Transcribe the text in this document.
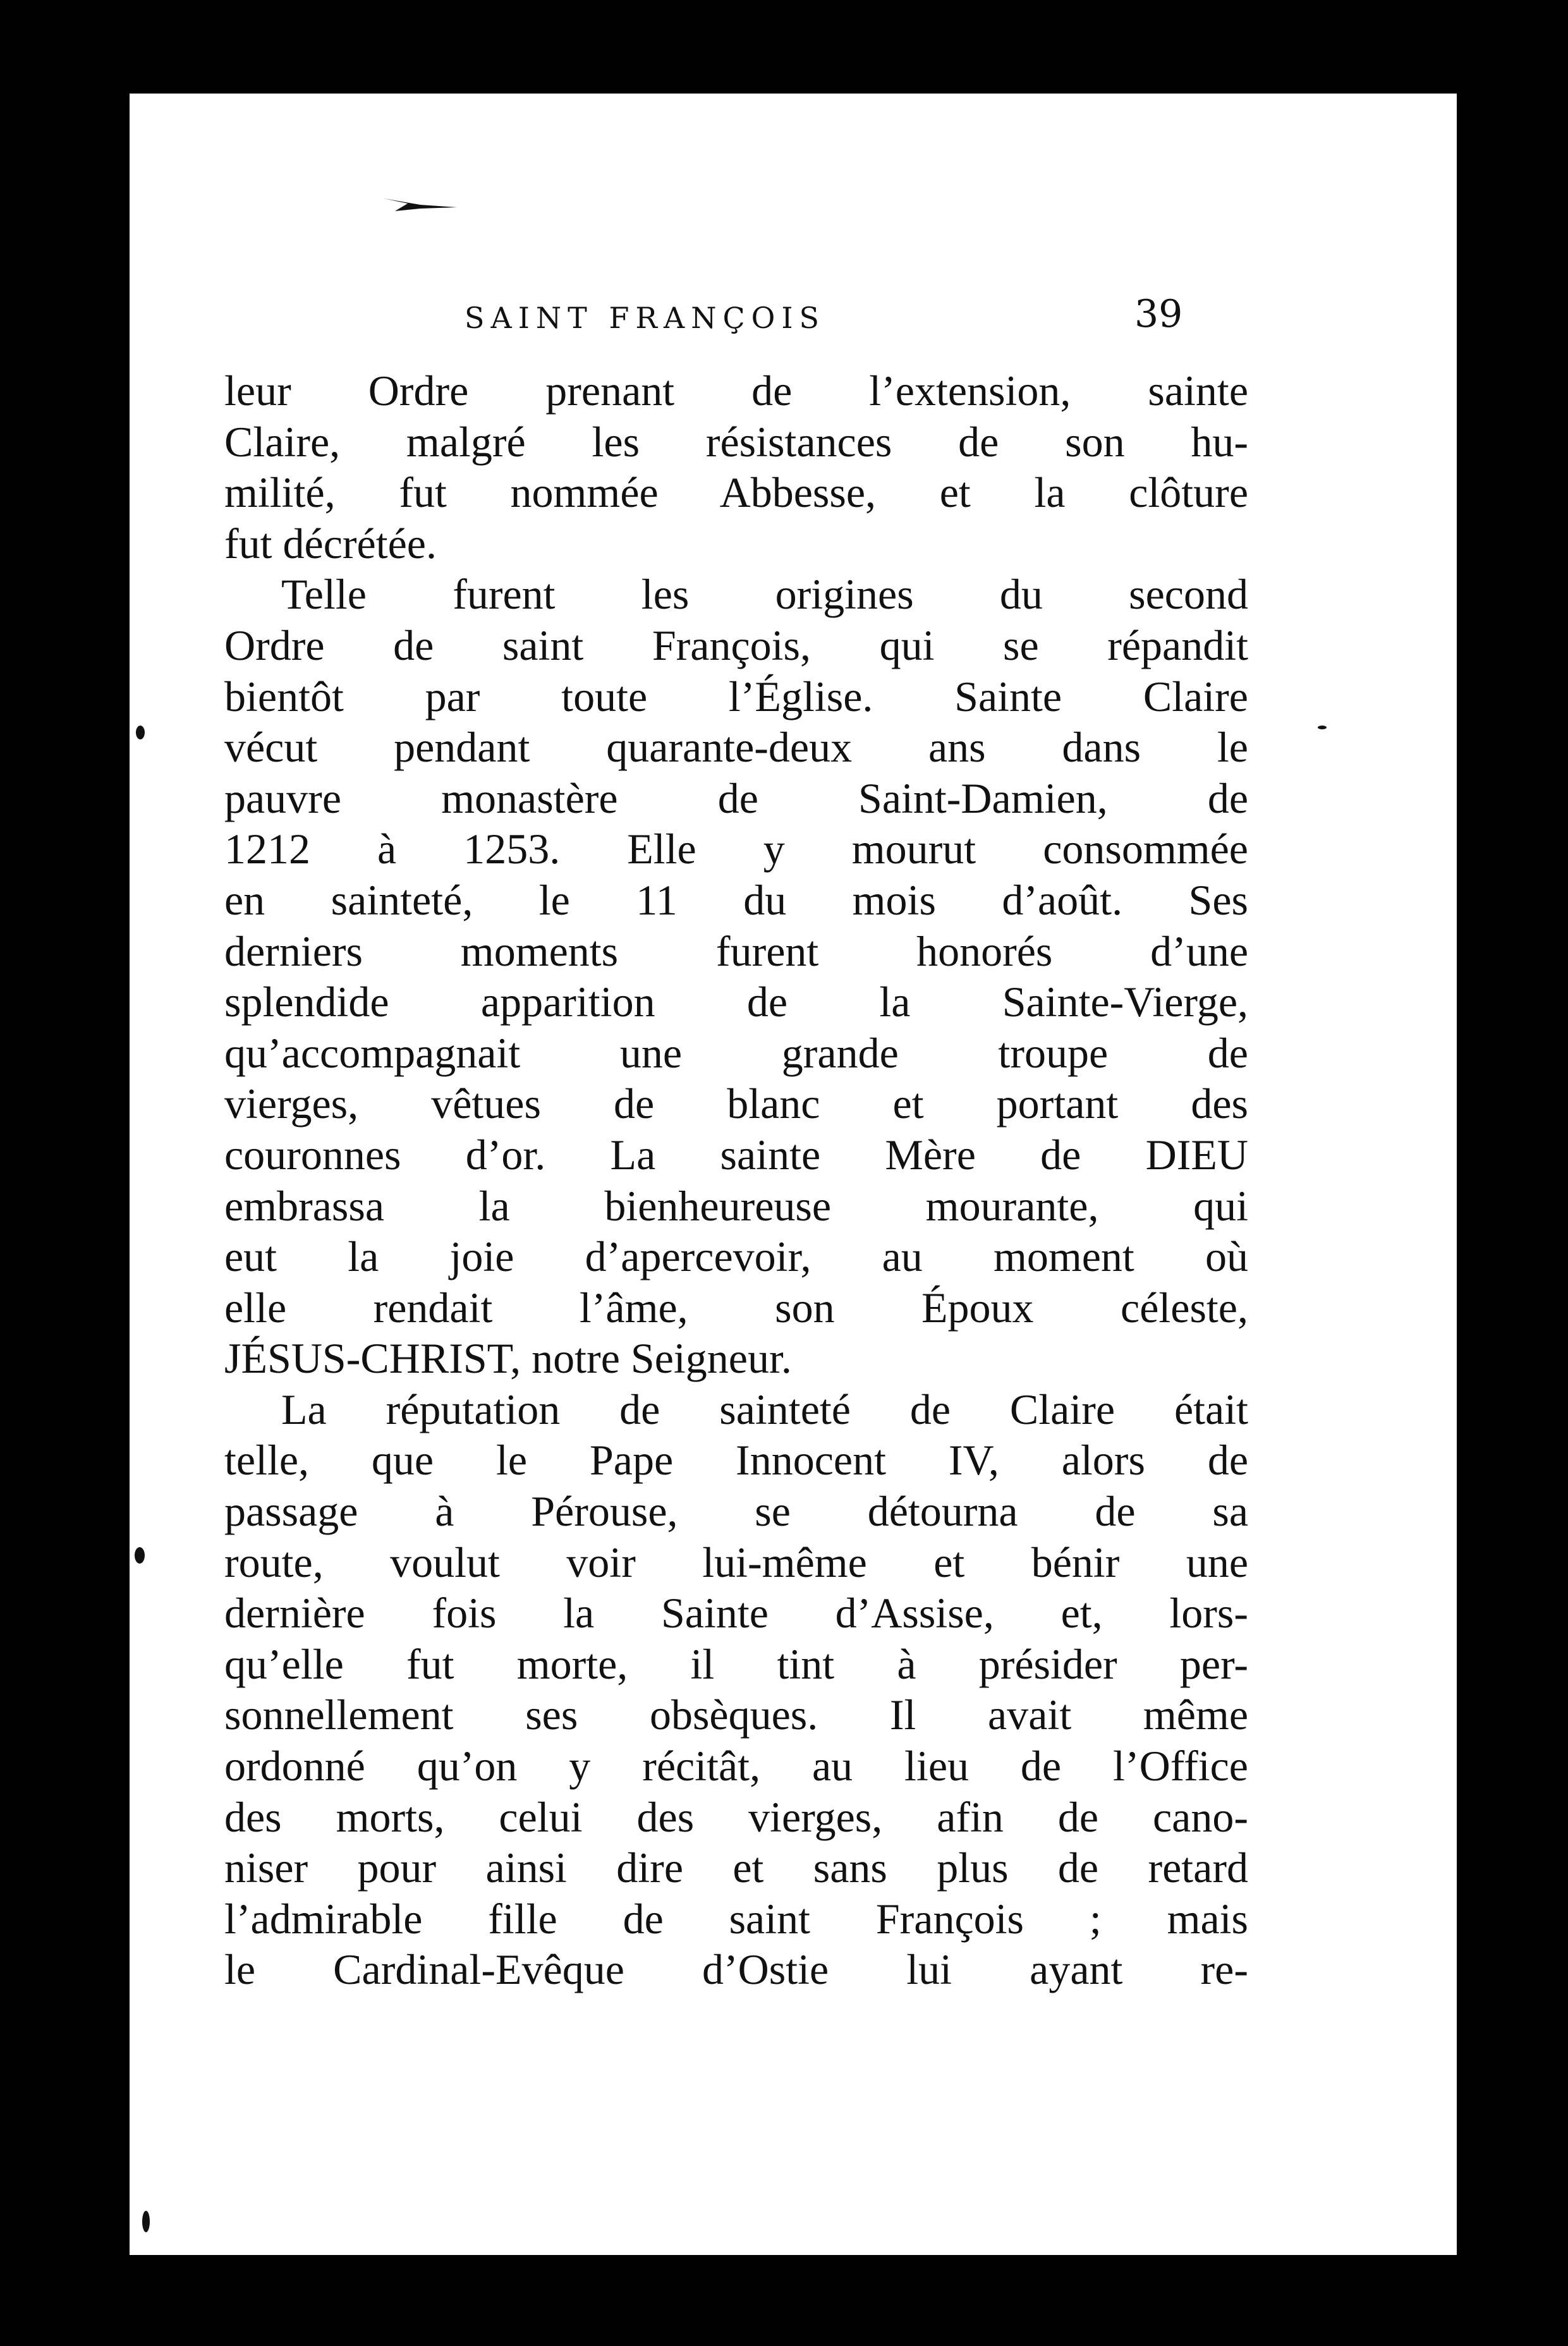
SAINT FRANÇOIS	39
leur Ordre prenant de l’extension, sainte
Claire, malgré les résistances de son hu-
milité, fut nommée Abbesse, et la clôture
fut décrétée.
Telle furent les origines du second
Ordre de saint François, qui se répandit
bientôt par toute l’Église. Sainte Claire
vécut pendant quarante-deux ans dans le
pauvre monastère de Saint-Damien, de
1212 à 1253. Elle y mourut consommée
en sainteté, le 11 du mois d’août. Ses
derniers moments furent honorés d’une
splendide apparition de la Sainte-Vierge,
qu’accompagnait une grande troupe de
vierges, vêtues de blanc et portant des
couronnes d’or. La sainte Mère de DIEU
embrassa la bienheureuse mourante, qui
eut la joie d’apercevoir, au moment où
elle rendait l’âme, son Époux céleste,
JÉSUS-CHRIST, notre Seigneur.
La réputation de sainteté de Claire était
telle, que le Pape Innocent IV, alors de
passage à Pérouse, se détourna de sa
route, voulut voir lui-même et bénir une
dernière fois la Sainte d’Assise, et, lors-
qu’elle fut morte, il tint à présider per-
sonnellement ses obsèques. Il avait même
ordonné qu’on y récitât, au lieu de l’Office
des morts, celui des vierges, afin de cano-
niser pour ainsi dire et sans plus de retard
l’admirable fille de saint François ; mais
le Cardinal-Evêque d’Ostie lui ayant re-
